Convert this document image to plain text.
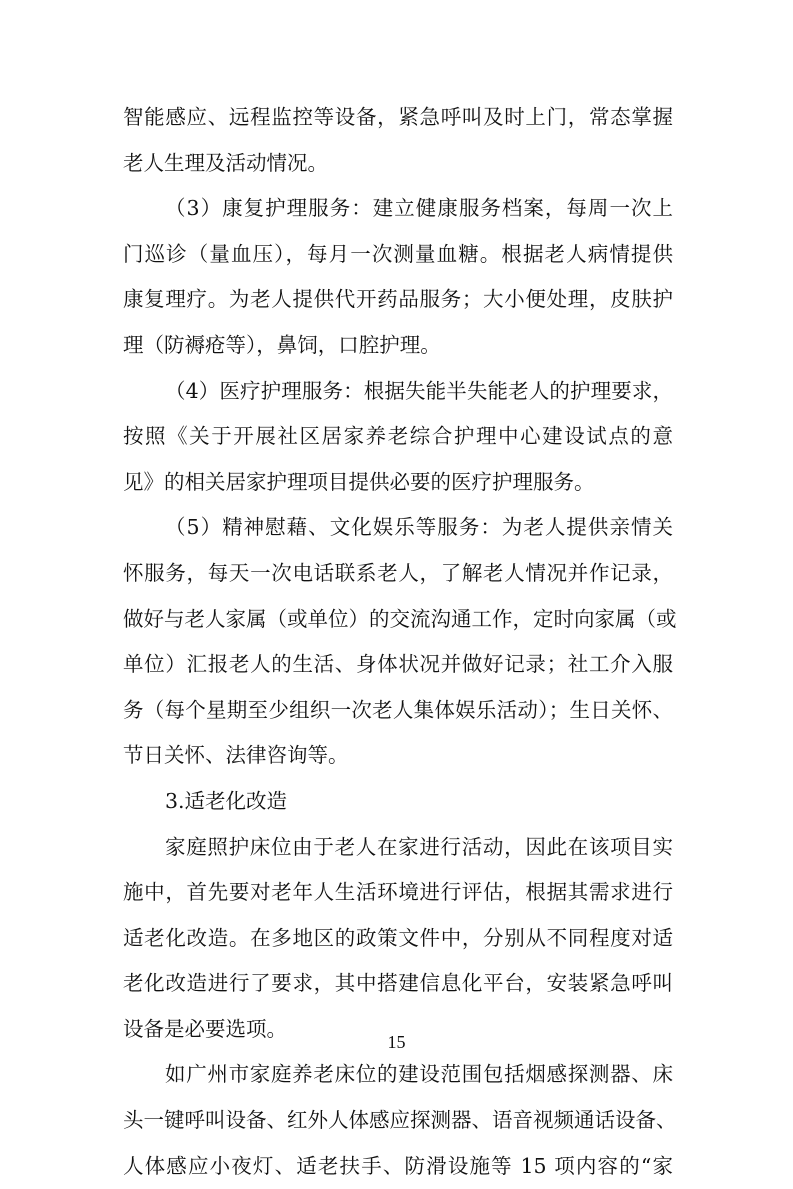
智能感应、远程监控等设备，紧急呼叫及时上门，常态掌握
老人生理及活动情况。
（3）康复护理服务：建立健康服务档案，每周一次上
门巡诊（量血压），每月一次测量血糖。根据老人病情提供
康复理疗。为老人提供代开药品服务；大小便处理，皮肤护
理（防褥疮等），鼻饲，口腔护理。
（4）医疗护理服务：根据失能半失能老人的护理要求，
按照《关于开展社区居家养老综合护理中心建设试点的意
见》的相关居家护理项目提供必要的医疗护理服务。
（5）精神慰藉、文化娱乐等服务：为老人提供亲情关
怀服务，每天一次电话联系老人，了解老人情况并作记录，
做好与老人家属（或单位）的交流沟通工作，定时向家属（或
单位）汇报老人的生活、身体状况并做好记录；社工介入服
务（每个星期至少组织一次老人集体娱乐活动）；生日关怀、
节日关怀、法律咨询等。
3.适老化改造
家庭照护床位由于老人在家进行活动，因此在该项目实
施中，首先要对老年人生活环境进行评估，根据其需求进行
适老化改造。在多地区的政策文件中，分别从不同程度对适
老化改造进行了要求，其中搭建信息化平台，安装紧急呼叫
设备是必要选项。
如广州市家庭养老床位的建设范围包括烟感探测器、床
头一键呼叫设备、红外人体感应探测器、语音视频通话设备、
人体感应小夜灯、适老扶手、防滑设施等 15 项内容的“家
15
